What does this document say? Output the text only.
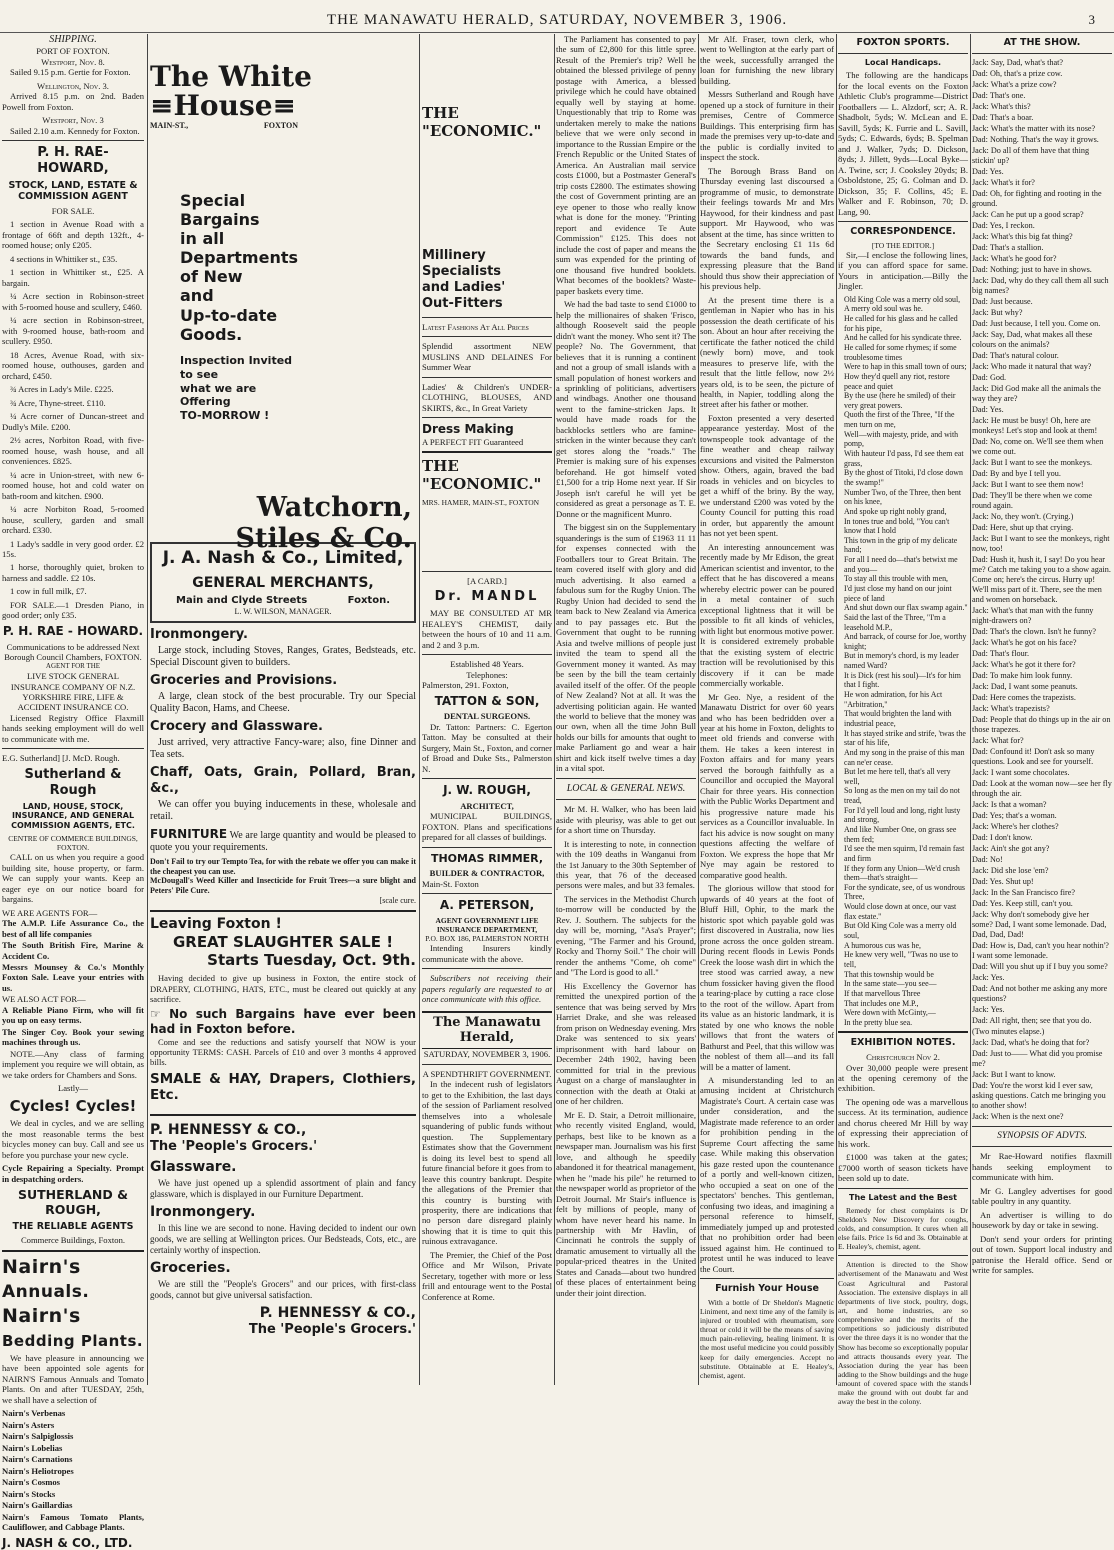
THE MANAWATU HERALD, SATURDAY, NOVEMBER 3, 1906.	3
SHIPPING.
PORT OF FOXTON.
Westport, Nov. 8.

Sailed 9.15 p.m. Gertie for Foxton.

Wellington, Nov. 3.

Arrived 8.15 p.m. on 2nd. Baden Powell from Foxton.

Westport, Nov. 3

Sailed 2.10 a.m. Kennedy for Foxton.

P. H. RAE-HOWARD,
STOCK, LAND, ESTATE & COMMISSION AGENT
FOR SALE.

1 section in Avenue Road with a frontage of 66ft and depth 132ft., 4-roomed house; only £205.

4 sections in Whittiker st., £35.

1 section in Whittiker st., £25. A bargain.

¼ Acre section in Robinson-street with 5-roomed house and scullery, £460.

¼ acre section in Robinson-street, with 9-roomed house, bath-room and scullery. £950.

18 Acres, Avenue Road, with six-roomed house, outhouses, garden and orchard, £450.

¾ Acres in Lady's Mile. £225.

¾ Acre, Thyne-street. £110.

¼ Acre corner of Duncan-street and Dudly's Mile. £200.

2½ acres, Norbiton Road, with five-roomed house, wash house, and all conveniences. £825.

¼ acre in Union-street, with new 6-roomed house, hot and cold water on bath-room and kitchen. £900.

¼ acre Norbiton Road, 5-roomed house, scullery, garden and small orchard. £330.

1 Lady's saddle in very good order. £2 15s.

1 horse, thoroughly quiet, broken to harness and saddle. £2 10s.

1 cow in full milk, £7.

FOR SALE.—1 Dresden Piano, in good order; only £35.

P. H. RAE - HOWARD.
Communications to be addressed Next Borough Council Chambers, FOXTON.
AGENT FOR THE
LIVE STOCK GENERAL INSURANCE COMPANY OF N.Z.
YORKSHIRE FIRE, LIFE & ACCIDENT INSURANCE CO.

Licensed Registry Office Flaxmill hands seeking employment will do well to communicate with me.

E.G. Sutherland] [J. McD. Rough.
Sutherland & Rough
LAND, HOUSE, STOCK, INSURANCE, AND GENERAL COMMISSION AGENTS, ETC.
CENTRE OF COMMERCE BUILDINGS, FOXTON.

CALL on us when you require a good building site, house property, or farm. We can supply your wants. Keep an eager eye on our notice board for bargains.

WE ARE AGENTS FOR—
The A.M.P. Life Assurance Co., the best of all life companies
The South British Fire, Marine & Accident Co.
Messrs Mounsey & Co.'s Monthly Foxton Sale. Leave your entries with us.
WE ALSO ACT FOR—
A Reliable Piano Firm, who will fit you up on easy terms.
The Singer Coy. Book your sewing machines through us.

NOTE.—Any class of farming implement you require we will obtain, as we take orders for Chambers and Sons.

Lastly—
Cycles! Cycles!

We deal in cycles, and we are selling the most reasonable terms the best bicycles money can buy. Call and see us before you purchase your new cycle.

Cycle Repairing a Specialty. Prompt in despatching orders.
SUTHERLAND & ROUGH,
THE RELIABLE AGENTS
Commerce Buildings, Foxton.
Nairn's
Annuals.
Nairn's
Bedding Plants.

We have pleasure in announcing we have been appointed sole agents for NAIRN'S Famous Annuals and Tomato Plants. On and after TUESDAY, 25th, we shall have a selection of

Nairn's Verbenas
Nairn's Asters
Nairn's Salpiglossis
Nairn's Lobelias
Nairn's Carnations
Nairn's Heliotropes
Nairn's Cosmos
Nairn's Stocks
Nairn's Gaillardias
Nairn's Famous Tomato Plants, Cauliflower, and Cabbage Plants.
J. NASH & CO., LTD.
The White
≡House≡
MAIN-ST.,	FOXTON
Special
Bargains
in all
Departments
of New
and
Up-to-date
Goods.
Inspection Invited
to see
what we are
Offering
TO-MORROW !
Watchorn,
Stiles & Co.
J. A. Nash & Co., Limited,
GENERAL MERCHANTS,
Main and Clyde Streets	Foxton.
L. W. WILSON, MANAGER.
Ironmongery.

Large stock, including Stoves, Ranges, Grates, Bedsteads, etc. Special Discount given to builders.

Groceries and Provisions.

A large, clean stock of the best procurable. Try our Special Quality Bacon, Hams, and Cheese.

Crocery and Glassware.

Just arrived, very attractive Fancy-ware; also, fine Dinner and Tea sets.

Chaff, Oats, Grain, Pollard, Bran, &c.,

We can offer you buying inducements in these, wholesale and retail.

FURNITURE We are large quantity and would be pleased to quote you your requirements.

Don't Fail to try our Tempto Tea, for with the rebate we offer you can make it the cheapest you can use.
McDougall's Weed Killer and Insecticide for Fruit Trees—a sure blight and Peters' Pile Cure.
[scale cure.
Leaving Foxton !
GREAT SLAUGHTER SALE !
Starts Tuesday, Oct. 9th.

Having decided to give up business in Foxton, the entire stock of DRAPERY, CLOTHING, HATS, ETC., must be cleared out quickly at any sacrifice.

☞ No such Bargains have ever been had in Foxton before.

Come and see the reductions and satisfy yourself that NOW is your opportunity TERMS: CASH. Parcels of £10 and over 3 months 4 approved bills.

SMALE & HAY, Drapers, Clothiers, Etc.
P. HENNESSY & CO.,
The 'People's Grocers.'
Glassware.

We have just opened up a splendid assortment of plain and fancy glassware, which is displayed in our Furniture Department.

Ironmongery.

In this line we are second to none. Having decided to indent our own goods, we are selling at Wellington prices. Our Bedsteads, Cots, etc., are certainly worthy of inspection.

Groceries.

We are still the "People's Grocers" and our prices, with first-class goods, cannot but give universal satisfaction.

P. HENNESSY & CO.,
The 'People's Grocers.'
THE "ECONOMIC."
Millinery
Specialists
and Ladies'
Out-Fitters
Latest Fashions At All Prices
Splendid assortment NEW MUSLINS AND DELAINES For Summer Wear
Ladies' & Children's UNDER-CLOTHING, BLOUSES, AND SKIRTS, &c., In Great Variety
Dress Making
A PERFECT FIT Guaranteed
THE "ECONOMIC."
MRS. HAMER, MAIN-ST., FOXTON
[A CARD.]
Dr. MANDL

MAY BE CONSULTED AT MR HEALEY'S CHEMIST, daily between the hours of 10 and 11 a.m. and 2 and 3 p.m.

Established 48 Years.
Telephones:
Palmerston, 291. Foxton,
TATTON & SON,
DENTAL SURGEONS.

Dr. Tatton: Partners: C. Egerton Tatton. May be consulted at their Surgery, Main St., Foxton, and corner of Broad and Duke Sts., Palmerston N.

J. W. ROUGH,
ARCHITECT,

MUNICIPAL BUILDINGS, FOXTON. Plans and specifications prepared for all classes of buildings.

THOMAS RIMMER,
BUILDER & CONTRACTOR,
Main-St. Foxton
A. PETERSON,
AGENT GOVERNMENT LIFE INSURANCE DEPARTMENT,
P.O. BOX 186, PALMERSTON NORTH

Intending Insurers kindly communicate with the above.

Subscribers not receiving their papers regularly are requested to at once communicate with this office.

The Manawatu Herald,
SATURDAY, NOVEMBER 3, 1906.
A SPENDTHRIFT GOVERNMENT.

In the indecent rush of legislators to get to the Exhibition, the last days of the session of Parliament resolved themselves into a wholesale squandering of public funds without question. The Supplementary Estimates show that the Government is doing its level best to spend all future financial before it goes from to leave this country bankrupt. Despite the allegations of the Premier that this country is bursting with prosperity, there are indications that no person dare disregard plainly showing that it is time to quit this ruinous extravagance.

The Premier, the Chief of the Post Office and Mr Wilson, Private Secretary, together with more or less frill and entourage went to the Postal Conference at Rome.

The Parliament has consented to pay the sum of £2,800 for this little spree. Result of the Premier's trip? Well he obtained the blessed privilege of penny postage with America, a blessed privilege which he could have obtained equally well by staying at home. Unquestionably that trip to Rome was undertaken merely to make the nations believe that we were only second in importance to the Russian Empire or the French Republic or the United States of America. An Australian mail service costs £1000, but a Postmaster General's trip costs £2800. The estimates showing the cost of Government printing are an eye opener to those who really know what is done for the money. "Printing report and evidence Te Aute Commission" £125. This does not include the cost of paper and means the sum was expended for the printing of one thousand five hundred booklets. What becomes of the booklets? Waste-paper baskets every time.

We had the bad taste to send £1000 to help the millionaires of shaken 'Frisco, although Roosevelt said the people didn't want the money. Who sent it? The people? No. The Government, that believes that it is running a continent and not a group of small islands with a small population of honest workers and a sprinkling of politicians, advertisers and windbags. Another one thousand went to the famine-stricken Japs. It would have made roads for the backblocks settlers who are famine-stricken in the winter because they can't get stores along the "roads." The Premier is making sure of his expenses beforehand. He got himself voted £1,500 for a trip Home next year. If Sir Joseph isn't careful he will yet be considered as great a personage as T. E. Donne or the magnificent Munro.

The biggest sin on the Supplementary squanderings is the sum of £1963 11 11 for expenses connected with the Footballers tour to Great Britain. The team covered itself with glory and did much advertising. It also earned a fabulous sum for the Rugby Union. The Rugby Union had decided to send the team back to New Zealand via America and to pay passages etc. But the Government that ought to be running Asia and twelve millions of people just invited the team to spend all the Government money it wanted. As may be seen by the bill the team certainly availed itself of the offer. Of the people of New Zealand? Not at all. It was the advertising politician again. He wanted the world to believe that the money was our own, when all the time John Bull holds our bills for amounts that ought to make Parliament go and wear a hair shirt and kick itself twelve times a day in a vital spot.

LOCAL & GENERAL NEWS.

Mr M. H. Walker, who has been laid aside with pleurisy, was able to get out for a short time on Thursday.

It is interesting to note, in connection with the 109 deaths in Wanganui from the 1st January to the 30th September of this year, that 76 of the deceased persons were males, and but 33 females.

The services in the Methodist Church to-morrow will be conducted by the Rev. J. Southern. The subjects for the day will be, morning, "Asa's Prayer"; evening, "The Farmer and his Ground, Rocky and Thorny Soil." The choir will render the anthems "Come, oh come" and "The Lord is good to all."

His Excellency the Governor has remitted the unexpired portion of the sentence that was being served by Mrs Harriet Drake, and she was released from prison on Wednesday evening. Mrs Drake was sentenced to six years' imprisonment with hard labour on December 24th 1902, having been committed for trial in the previous August on a charge of manslaughter in connection with the death at Otaki at one of her children.

Mr E. D. Stair, a Detroit millionaire, who recently visited England, would, perhaps, best like to be known as a newspaper man. Journalism was his first love, and although he speedily abandoned it for theatrical management, when he "made his pile" he returned to the newspaper world as proprietor of the Detroit Journal. Mr Stair's influence is felt by millions of people, many of whom have never heard his name. In partnership with Mr Havlin, of Cincinnati he controls the supply of dramatic amusement to virtually all the popular-priced theatres in the United States and Canada—about two hundred of these places of entertainment being under their joint direction.

Mr Alf. Fraser, town clerk, who went to Wellington at the early part of the week, successfully arranged the loan for furnishing the new library building.

Messrs Sutherland and Rough have opened up a stock of furniture in their premises, Centre of Commerce Buildings. This enterprising firm has made the premises very up-to-date and the public is cordially invited to inspect the stock.

The Borough Brass Band on Thursday evening last discoursed a programme of music, to demonstrate their feelings towards Mr and Mrs Haywood, for their kindness and past support. Mr Haywood, who was absent at the time, has since written to the Secretary enclosing £1 11s 6d towards the band funds, and expressing pleasure that the Band should thus show their appreciation of his previous help.

At the present time there is a gentleman in Napier who has in his possession the death certificate of his son. About an hour after receiving the certificate the father noticed the child (newly born) move, and took measures to preserve life, with the result that the little fellow, now 2½ years old, is to be seen, the picture of health, in Napier, toddling along the street after his father or mother.

Foxton presented a very deserted appearance yesterday. Most of the townspeople took advantage of the fine weather and cheap railway excursions and visited the Palmerston show. Others, again, braved the bad roads in vehicles and on bicycles to get a whiff of the briny. By the way, we understand £200 was voted by the County Council for putting this road in order, but apparently the amount has not yet been spent.

An interesting announcement was recently made by Mr Edison, the great American scientist and inventor, to the effect that he has discovered a means whereby electric power can be poured in a metal container of such exceptional lightness that it will be possible to fit all kinds of vehicles, with light but enormous motive power. It is considered extremely probable that the existing system of electric traction will be revolutionised by this discovery if it can be made commercially workable.

Mr Geo. Nye, a resident of the Manawatu District for over 60 years and who has been bedridden over a year at his home in Foxton, delights to meet old friends and converse with them. He takes a keen interest in Foxton affairs and for many years served the borough faithfully as a Councillor and occupied the Mayoral Chair for three years. His connection with the Public Works Department and his progressive nature made his services as a Councillor invaluable. In fact his advice is now sought on many questions affecting the welfare of Foxton. We express the hope that Mr Nye may again be restored to comparative good health.

The glorious willow that stood for upwards of 40 years at the foot of Bluff Hill, Ophir, to the mark the historic spot which payable gold was first discovered in Australia, now lies prone across the once golden stream. During recent floods in Lewis Ponds Creek the loose wash dirt in which the tree stood was carried away, a new chum fossicker having given the flood a tearing-place by cutting a race close to the root of the willow. Apart from its value as an historic landmark, it is stated by one who knows the noble willows that front the waters of Bathurst and Peel, that this willow was the noblest of them all—and its fall will be a matter of lament.

A misunderstanding led to an amusing incident at Christchurch Magistrate's Court. A certain case was under consideration, and the Magistrate made reference to an order for prohibition pending in the Supreme Court affecting the same case. While making this observation his gaze rested upon the countenance of a portly and well-known citizen, who occupied a seat on one of the spectators' benches. This gentleman, confusing two ideas, and imagining a personal reference to himself, immediately jumped up and protested that no prohibition order had been issued against him. He continued to protest until he was induced to leave the Court.

Furnish Your House

With a bottle of Dr Sheldon's Magnetic Liniment, and next time any of the family is injured or troubled with rheumatism, sore throat or cold it will be the means of saving much pain-relieving, healing liniment. It is the most useful medicine you could possibly keep for daily emergencies. Accept no substitute. Obtainable at E. Healey's, chemist, agent.

FOXTON SPORTS.
Local Handicaps.

The following are the handicaps for the local events on the Foxton Athletic Club's programme—District Footballers — L. Alzdorf, scr; A. R. Shadbolt, 5yds; W. McLean and E. Savill, 5yds; K. Furrie and L. Savill, 5yds; C. Edwards, 6yds; B. Spelman and J. Walker, 7yds; D. Dickson, 8yds; J. Jillett, 9yds—Local Byke—A. Twine, scr; J. Cooksley 20yds; B. Osboldstone, 25; G. Colman and D. Dickson, 35; F. Collins, 45; E. Walker and F. Robinson, 70; D. Lang, 90.

CORRESPONDENCE.
[TO THE EDITOR.]

Sir,—I enclose the following lines, if you can afford space for same. Yours in anticipation.—Billy the Jingler.

Old King Cole was a merry old soul,
A merry old soul was he.
He called for his glass and he called for his pipe,
And he called for his syndicate three.
He called for some rhymes; if some troublesome times
Were to hap in this small town of ours;
How they'd quell any riot, restore peace and quiet
By the use (here he smiled) of their very great powers.
Quoth the first of the Three, "If the men turn on me,
Well—with majesty, pride, and with pomp,
With hauteur I'd pass, I'd see them eat grass,
By the ghost of Titoki, I'd close down the swamp!"
Number Two, of the Three, then bent on his knee,
And spoke up right nobly grand,
In tones true and bold, "You can't know that I hold
This town in the grip of my delicate hand;
For all I need do—that's betwixt me and you—
To stay all this trouble with men,
I'd just close my hand on our joint piece of land
And shut down our flax swamp again."
Said the last of the Three, "I'm a leasehold M.P.,
And barrack, of course for Joe, worthy knight;
But in memory's chord, is my leader named Ward?
It is Dick (rest his soul)—It's for him that I fight.
He won admiration, for his Act "Arbitration,"
That would brighten the land with industrial peace,
It has stayed strike and strife, 'twas the star of his life,
And my song in the praise of this man can ne'er cease.
But let me here tell, that's all very well,
So long as the men on my tail do not tread,
For I'd yell loud and long, right lusty and strong,
And like Number One, on grass see them fed;
I'd see the men squirm, I'd remain fast and firm
If they form any Union—We'd crush them—that's straight—
For the syndicate, see, of us wondrous Three,
Would close down at once, our vast flax estate."
But Old King Cole was a merry old soul,
A humorous cus was he,
He knew very well, "Twas no use to tell,
That this township would be
In the same state—you see—
If that marvellous Three
That includes one M.P.,
Were down with McGinty,—
In the pretty blue sea.
EXHIBITION NOTES.
Christchurch Nov 2.

Over 30,000 people were present at the opening ceremony of the exhibition.

The opening ode was a marvellous success. At its termination, audience and chorus cheered Mr Hill by way of expressing their appreciation of his work.

£1000 was taken at the gates; £7000 worth of season tickets have been sold up to date.

The Latest and the Best

Remedy for chest complaints is Dr Sheldon's New Discovery for coughs, colds, and consumption. It cures when all else fails. Price 1s 6d and 3s. Obtainable at E. Healey's, chemist, agent.

Attention is directed to the Show advertisement of the Manawatu and West Coast Agricultural and Pastoral Association. The extensive displays in all departments of live stock, poultry, dogs, art, and home industries, are so comprehensive and the merits of the competitions so judiciously distributed over the three days it is no wonder that the Show has become so exceptionally popular and attracts thousands every year. The Association during the year has been adding to the Show buildings and the huge amount of covered space with the stands make the ground with out doubt far and away the best in the colony.

AT THE SHOW.
Jack: Say, Dad, what's that?
Dad: Oh, that's a prize cow.
Jack: What's a prize cow?
Dad: That's one.
Jack: What's this?
Dad: That's a boar.
Jack: What's the matter with its nose?
Dad: Nothing. That's the way it grows.
Jack: Do all of them have that thing stickin' up?
Dad: Yes.
Jack: What's it for?
Dad: Oh, for fighting and rooting in the ground.
Jack: Can he put up a good scrap?
Dad: Yes, I reckon.
Jack: What's this big fat thing?
Dad: That's a stallion.
Jack: What's he good for?
Dad: Nothing; just to have in shows.
Jack: Dad, why do they call them all such big names?
Dad: Just because.
Jack: But why?
Dad: Just because, I tell you. Come on.
Jack: Say, Dad, what makes all these colours on the animals?
Dad: That's natural colour.
Jack: Who made it natural that way?
Dad: God.
Jack: Did God make all the animals the way they are?
Dad: Yes.
Jack: He must be busy! Oh, here are monkeys! Let's stop and look at them!
Dad: No, come on. We'll see them when we come out.
Jack: But I want to see the monkeys.
Dad: By and bye I tell you.
Jack: But I want to see them now!
Dad: They'll be there when we come round again.
Jack: No, they won't. (Crying.)
Dad: Here, shut up that crying.
Jack: But I want to see the monkeys, right now, too!
Dad: Hush it, hush it, I say! Do you hear me? Catch me taking you to a show again. Come on; here's the circus. Hurry up! We'll miss part of it. There, see the men and women on horseback.
Jack: What's that man with the funny night-drawers on?
Dad: That's the clown. Isn't he funny?
Jack: What's he got on his face?
Dad: That's flour.
Jack: What's he got it there for?
Dad: To make him look funny.
Jack: Dad, I want some peanuts.
Dad: Here comes the trapezists.
Jack: What's trapezists?
Dad: People that do things up in the air on those trapezes.
Jack: What for?
Dad: Confound it! Don't ask so many questions. Look and see for yourself.
Jack: I want some chocolates.
Dad: Look at the woman now—see her fly through the air.
Jack: Is that a woman?
Dad: Yes; that's a woman.
Jack: Where's her clothes?
Dad: I don't know.
Jack: Ain't she got any?
Dad: No!
Jack: Did she lose 'em?
Dad: Yes. Shut up!
Jack: In the San Francisco fire?
Dad: Yes. Keep still, can't you.
Jack: Why don't somebody give her some? Dad, I want some lemonade. Dad, Dad, Dad, Dad!
Dad: How is, Dad, can't you hear nothin'? I want some lemonade.
Dad: Will you shut up if I buy you some?
Jack: Yes.
Dad: And not bother me asking any more questions?
Jack: Yes.
Dad: All right, then; see that you do.
(Two minutes elapse.)
Jack: Dad, what's he doing that for?
Dad: Just to—— What did you promise me?
Jack: But I want to know.
Dad: You're the worst kid I ever saw, asking questions. Catch me bringing you to another show!
Jack: When is the next one?
SYNOPSIS OF ADVTS.

Mr Rae-Howard notifies flaxmill hands seeking employment to communicate with him.

Mr G. Langley advertises for good table poultry in any quantity.

An advertiser is willing to do housework by day or take in sewing.

Don't send your orders for printing out of town. Support local industry and patronise the Herald office. Send or write for samples.
